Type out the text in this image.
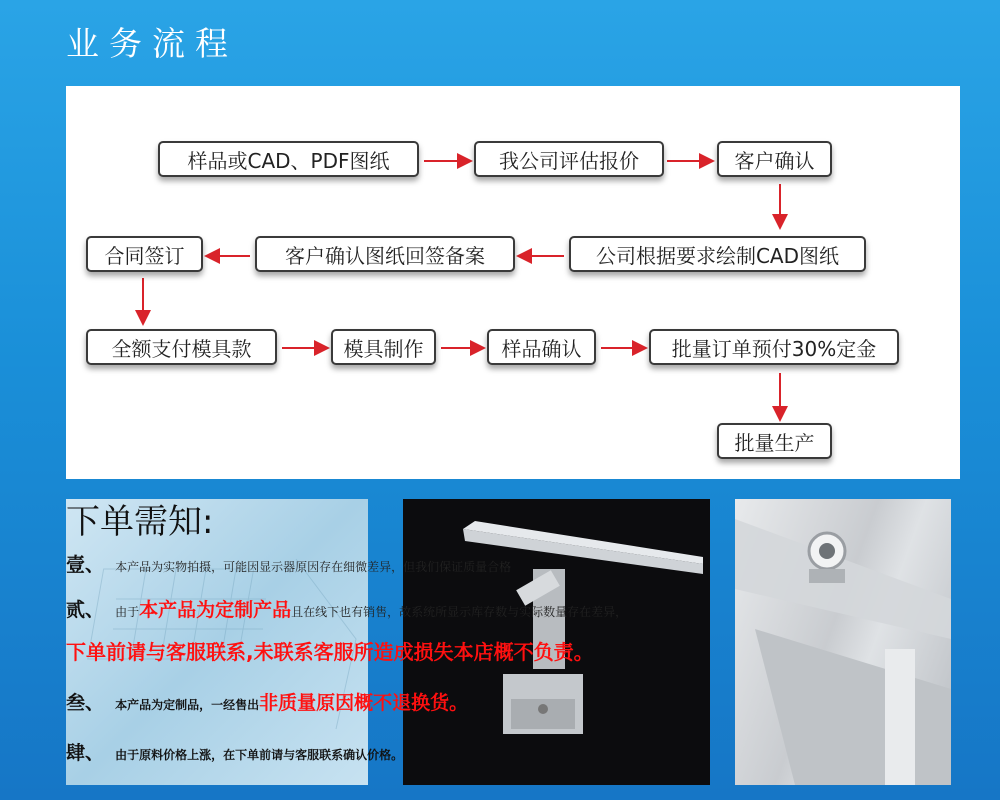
业务流程
样品或CAD、PDF图纸	我公司评估报价	客户确认
合同签订	客户确认图纸回签备案	公司根据要求绘制CAD图纸
全额支付模具款	模具制作	样品确认	批量订单预付30%定金
批量生产
下单需知:
壹、 本产品为实物拍摄，可能因显示器原因存在细微差异，但我们保证质量合格
贰、 由于本产品为定制产品且在线下也有销售，故系统所显示库存数与实际数量存在差异，
下单前请与客服联系,未联系客服所造成损失本店概不负责。
叁、 本产品为定制品，一经售出非质量原因概不退换货。
肆、 由于原料价格上涨，在下单前请与客服联系确认价格。
